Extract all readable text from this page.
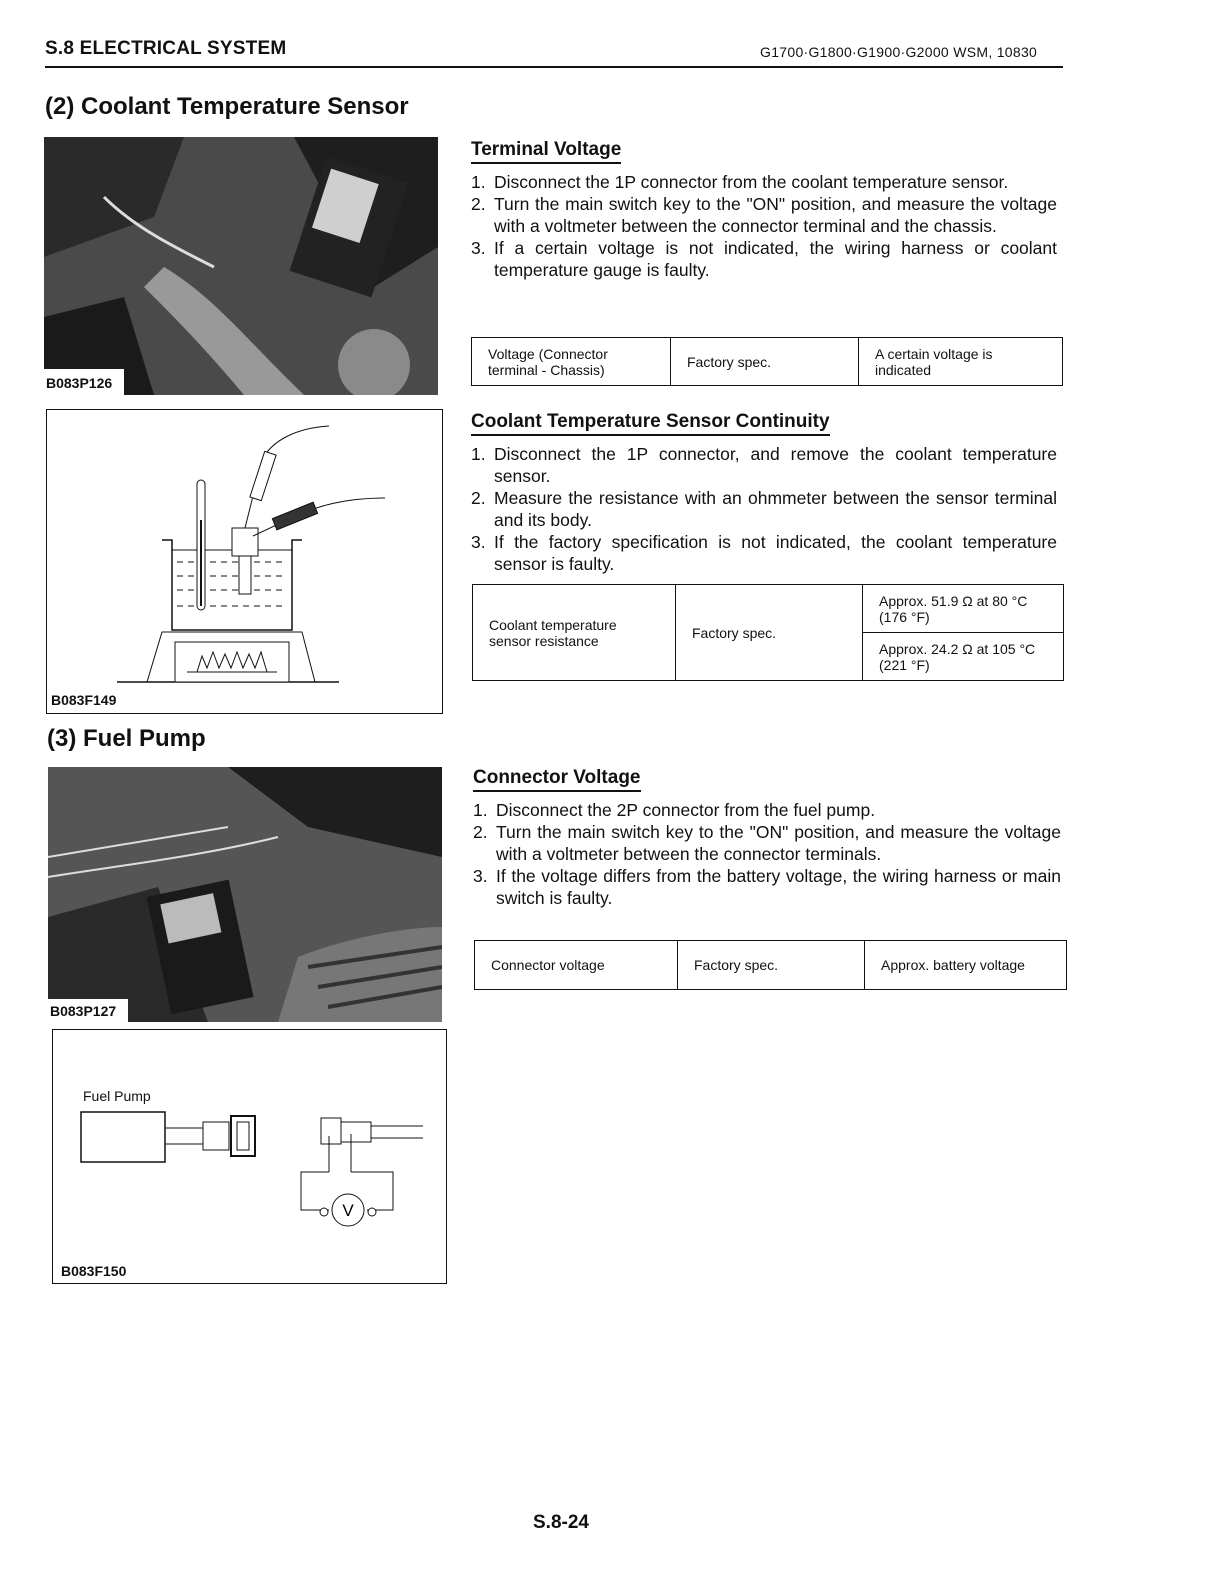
S.8 ELECTRICAL SYSTEM	G1700·G1800·G1900·G2000 WSM, 10830
(2) Coolant Temperature Sensor
B083P126
B083F149
(3) Fuel Pump
B083P127
Fuel Pump
V
B083F150
Terminal Voltage
1. Disconnect the 1P connector from the coolant temperature sensor.
2. Turn the main switch key to the "ON" position, and measure the voltage with a voltmeter between the connector terminal and the chassis.
3. If a certain voltage is not indicated, the wiring harness or coolant temperature gauge is faulty.
Voltage (Connector terminal - Chassis)	Factory spec.	A certain voltage is indicated
Coolant Temperature Sensor Continuity
1. Disconnect the 1P connector, and remove the coolant temperature sensor.
2. Measure the resistance with an ohmmeter between the sensor terminal and its body.
3. If the factory specification is not indicated, the coolant temperature sensor is faulty.
Coolant temperature sensor resistance	Factory spec.	Approx. 51.9 Ω at 80 °C (176 °F)
Approx. 24.2 Ω at 105 °C (221 °F)
Connector Voltage
1. Disconnect the 2P connector from the fuel pump.
2. Turn the main switch key to the "ON" position, and measure the voltage with a voltmeter between the connector terminals.
3. If the voltage differs from the battery voltage, the wiring harness or main switch is faulty.
Connector voltage	Factory spec.	Approx. battery voltage
S.8-24
